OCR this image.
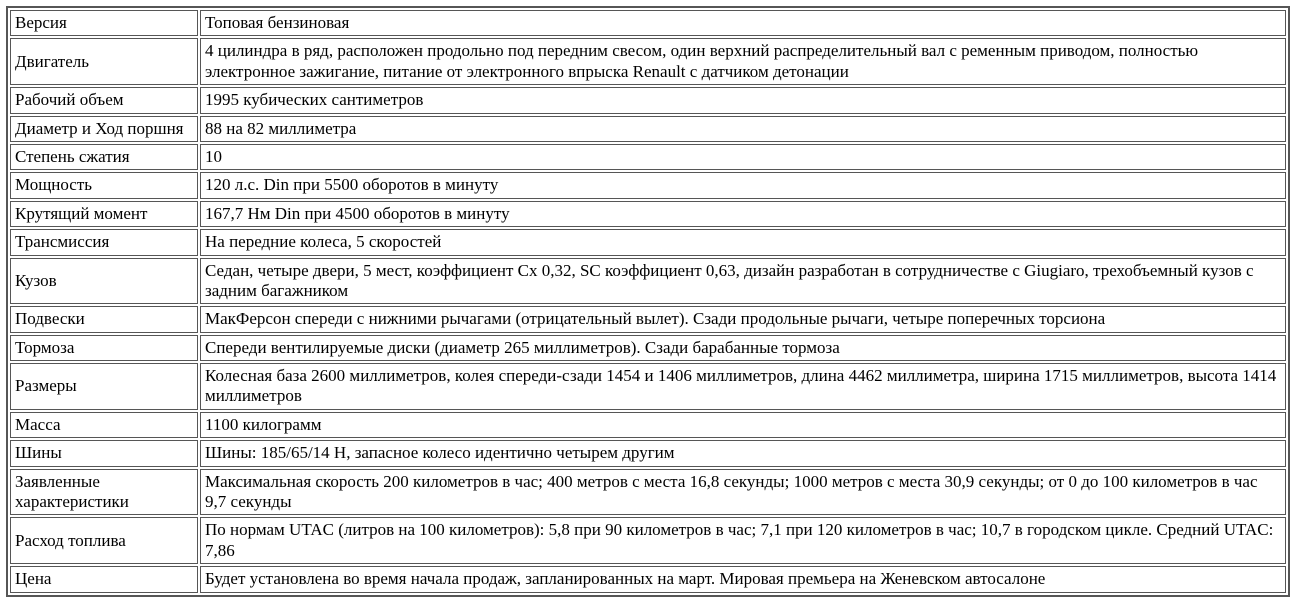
Версия	Топовая бензиновая
Двигатель	4 цилиндра в ряд, расположен продольно под передним свесом, один верхний распределительный вал с ременным приводом, полностью электронное зажигание, питание от электронного впрыска Renault с датчиком детонации
Рабочий объем	1995 кубических сантиметров
Диаметр и Ход поршня	88 на 82 миллиметра
Степень сжатия	10
Мощность	120 л.с. Din при 5500 оборотов в минуту
Крутящий момент	167,7 Нм Din при 4500 оборотов в минуту
Трансмиссия	На передние колеса, 5 скоростей
Кузов	Седан, четыре двери, 5 мест, коэффициент Cx 0,32, SC коэффициент 0,63, дизайн разработан в сотрудничестве с Giugiaro, трехобъемный кузов с задним багажником
Подвески	МакФерсон спереди с нижними рычагами (отрицательный вылет). Сзади продольные рычаги, четыре поперечных торсиона
Тормоза	Спереди вентилируемые диски (диаметр 265 миллиметров). Сзади барабанные тормоза
Размеры	Колесная база 2600 миллиметров, колея спереди-сзади 1454 и 1406 миллиметров, длина 4462 миллиметра, ширина 1715 миллиметров, высота 1414 миллиметров
Масса	1100 килограмм
Шины	Шины: 185/65/14 H, запасное колесо идентично четырем другим
Заявленные характеристики	Максимальная скорость 200 километров в час; 400 метров с места 16,8 секунды; 1000 метров с места 30,9 секунды; от 0 до 100 километров в час 9,7 секунды
Расход топлива	По нормам UTAC (литров на 100 километров): 5,8 при 90 километров в час; 7,1 при 120 километров в час; 10,7 в городском цикле. Средний UTAC: 7,86
Цена	Будет установлена во время начала продаж, запланированных на март. Мировая премьера на Женевском автосалоне
